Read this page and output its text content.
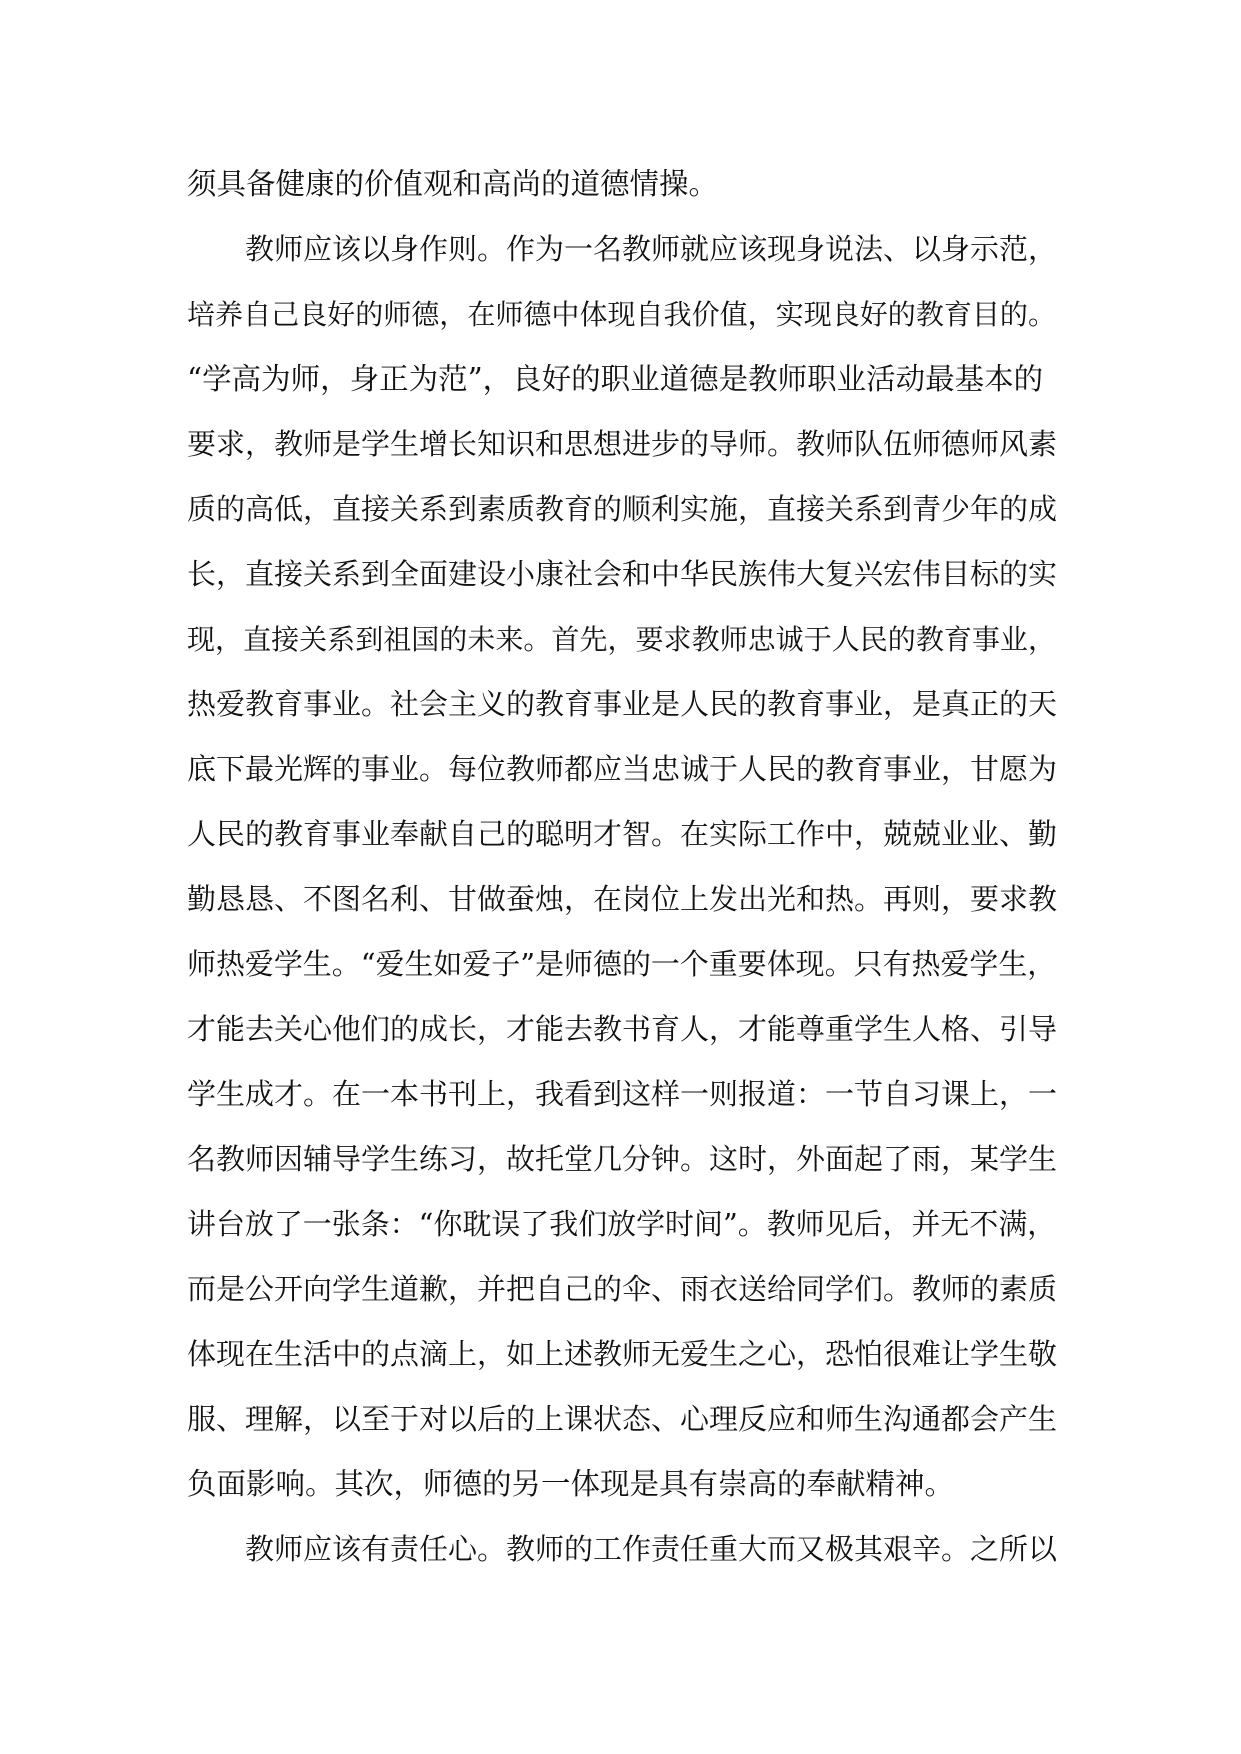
须具备健康的价值观和高尚的道德情操。
教师应该以身作则。作为一名教师就应该现身说法、以身示范，
培养自己良好的师德，在师德中体现自我价值，实现良好的教育目的。
“学高为师，身正为范”，良好的职业道德是教师职业活动最基本的
要求，教师是学生增长知识和思想进步的导师。教师队伍师德师风素
质的高低，直接关系到素质教育的顺利实施，直接关系到青少年的成
长，直接关系到全面建设小康社会和中华民族伟大复兴宏伟目标的实
现，直接关系到祖国的未来。首先，要求教师忠诚于人民的教育事业，
热爱教育事业。社会主义的教育事业是人民的教育事业，是真正的天
底下最光辉的事业。每位教师都应当忠诚于人民的教育事业，甘愿为
人民的教育事业奉献自己的聪明才智。在实际工作中，兢兢业业、勤
勤恳恳、不图名利、甘做蚕烛，在岗位上发出光和热。再则，要求教
师热爱学生。“爱生如爱子”是师德的一个重要体现。只有热爱学生，
才能去关心他们的成长，才能去教书育人，才能尊重学生人格、引导
学生成才。在一本书刊上，我看到这样一则报道：一节自习课上，一
名教师因辅导学生练习，故托堂几分钟。这时，外面起了雨，某学生
讲台放了一张条：“你耽误了我们放学时间”。教师见后，并无不满，
而是公开向学生道歉，并把自己的伞、雨衣送给同学们。教师的素质
体现在生活中的点滴上，如上述教师无爱生之心，恐怕很难让学生敬
服、理解，以至于对以后的上课状态、心理反应和师生沟通都会产生
负面影响。其次，师德的另一体现是具有崇高的奉献精神。
教师应该有责任心。教师的工作责任重大而又极其艰辛。之所以
